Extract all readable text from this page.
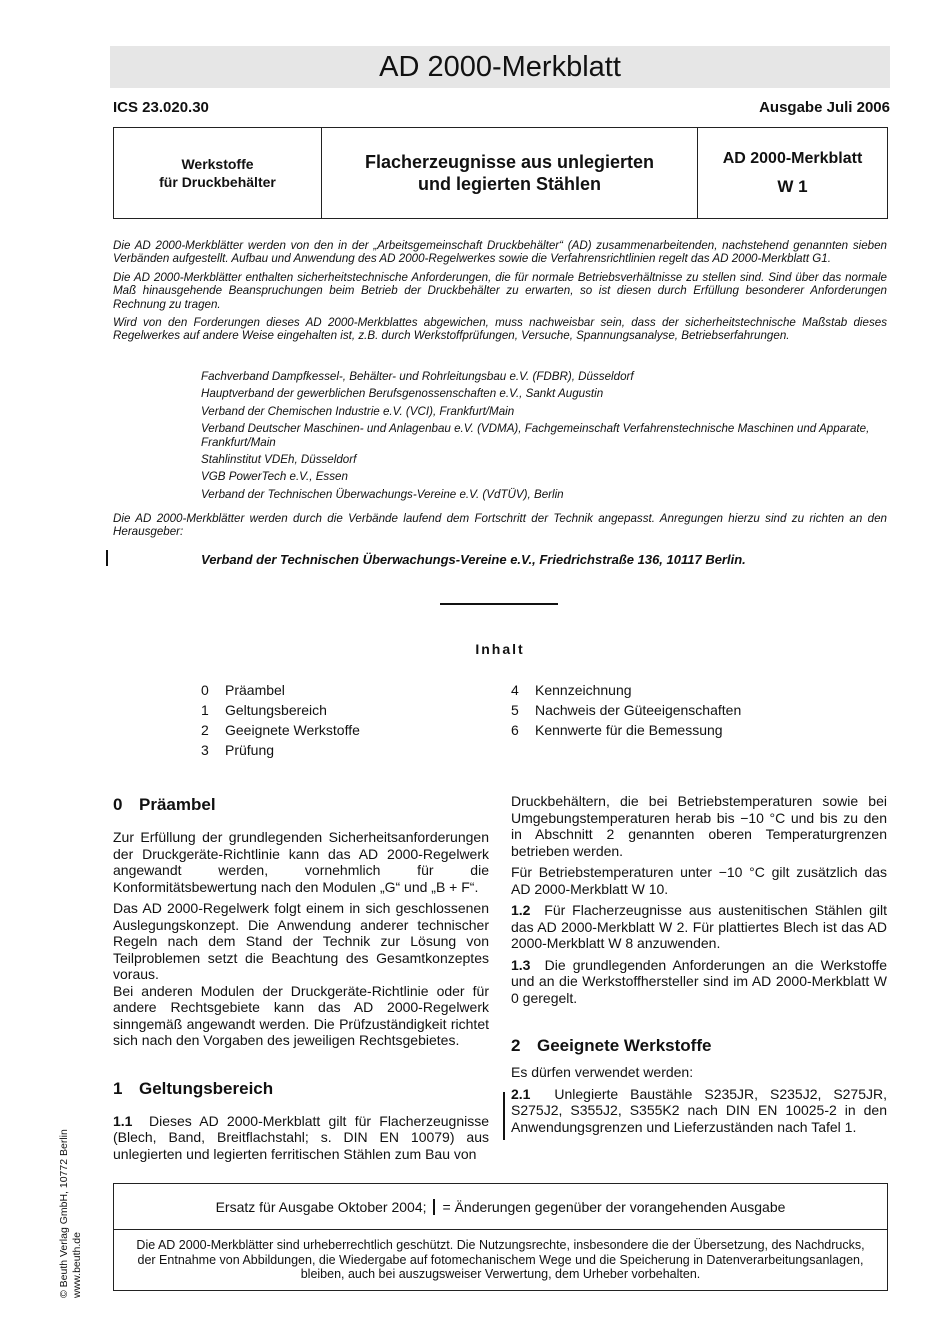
AD 2000-Merkblatt
ICS 23.020.30	Ausgabe Juli 2006
Werkstoffe
für Druckbehälter
Flacherzeugnisse aus unlegierten
und legierten Stählen
AD 2000-Merkblatt
W 1

Die AD 2000-Merkblätter werden von den in der „Arbeitsgemeinschaft Druckbehälter“ (AD) zusammenarbeitenden, nachstehend genannten sieben Verbänden aufgestellt. Aufbau und Anwendung des AD 2000-Regelwerkes sowie die Verfahrensrichtlinien regelt das AD 2000-Merkblatt G1.

Die AD 2000-Merkblätter enthalten sicherheitstechnische Anforderungen, die für normale Betriebsverhältnisse zu stellen sind. Sind über das normale Maß hinausgehende Beanspruchungen beim Betrieb der Druckbehälter zu erwarten, so ist diesen durch Erfüllung besonderer Anforderungen Rechnung zu tragen.

Wird von den Forderungen dieses AD 2000-Merkblattes abgewichen, muss nachweisbar sein, dass der sicherheitstechnische Maßstab dieses Regelwerkes auf andere Weise eingehalten ist, z.B. durch Werkstoffprüfungen, Versuche, Spannungsanalyse, Betriebserfahrungen.

Fachverband Dampfkessel-, Behälter- und Rohrleitungsbau e.V. (FDBR), Düsseldorf
Hauptverband der gewerblichen Berufsgenossenschaften e.V., Sankt Augustin
Verband der Chemischen Industrie e.V. (VCI), Frankfurt/Main
Verband Deutscher Maschinen- und Anlagenbau e.V. (VDMA), Fachgemeinschaft Verfahrenstechnische Maschinen und Apparate, Frankfurt/Main
Stahlinstitut VDEh, Düsseldorf
VGB PowerTech e.V., Essen
Verband der Technischen Überwachungs-Vereine e.V. (VdTÜV), Berlin
Die AD 2000-Merkblätter werden durch die Verbände laufend dem Fortschritt der Technik angepasst. Anregungen hierzu sind zu richten an den Herausgeber:
Verband der Technischen Überwachungs-Vereine e.V., Friedrichstraße 136, 10117 Berlin.
Inhalt
0 Präambel
1 Geltungsbereich
2 Geeignete Werkstoffe
3 Prüfung
4 Kennzeichnung
5 Nachweis der Güteeigenschaften
6 Kennwerte für die Bemessung
0 Präambel

Zur Erfüllung der grundlegenden Sicherheitsanforderungen der Druckgeräte-Richtlinie kann das AD 2000-Regelwerk angewandt werden, vornehmlich für die Konformitätsbewertung nach den Modulen „G“ und „B + F“.

Das AD 2000-Regelwerk folgt einem in sich geschlossenen Auslegungskonzept. Die Anwendung anderer technischer Regeln nach dem Stand der Technik zur Lösung von Teilproblemen setzt die Beachtung des Gesamtkonzeptes voraus.

Bei anderen Modulen der Druckgeräte-Richtlinie oder für andere Rechtsgebiete kann das AD 2000-Regelwerk sinngemäß angewandt werden. Die Prüfzuständigkeit richtet sich nach den Vorgaben des jeweiligen Rechtsgebietes.

1 Geltungsbereich

1.1 Dieses AD 2000-Merkblatt gilt für Flacherzeugnisse (Blech, Band, Breitflachstahl; s. DIN EN 10079) aus unlegierten und legierten ferritischen Stählen zum Bau von

Druckbehältern, die bei Betriebstemperaturen sowie bei Umgebungstemperaturen herab bis −10 °C und bis zu den in Abschnitt 2 genannten oberen Temperaturgrenzen betrieben werden.

Für Betriebstemperaturen unter −10 °C gilt zusätzlich das AD 2000-Merkblatt W 10.

1.2 Für Flacherzeugnisse aus austenitischen Stählen gilt das AD 2000-Merkblatt W 2. Für plattiertes Blech ist das AD 2000-Merkblatt W 8 anzuwenden.

1.3 Die grundlegenden Anforderungen an die Werkstoffe und an die Werkstoffhersteller sind im AD 2000-Merkblatt W 0 geregelt.

2 Geeignete Werkstoffe

Es dürfen verwendet werden:

2.1 Unlegierte Baustähle S235JR, S235J2, S275JR, S275J2, S355J2, S355K2 nach DIN EN 10025-2 in den Anwendungsgrenzen und Lieferzuständen nach Tafel 1.

© Beuth Verlag GmbH, 10772 Berlin www.beuth.de
Ersatz für Ausgabe Oktober 2004; = Änderungen gegenüber der vorangehenden Ausgabe
Die AD 2000-Merkblätter sind urheberrechtlich geschützt. Die Nutzungsrechte, insbesondere die der Übersetzung, des Nachdrucks, der Entnahme von Abbildungen, die Wiedergabe auf fotomechanischem Wege und die Speicherung in Datenverarbeitungsanlagen, bleiben, auch bei auszugsweiser Verwertung, dem Urheber vorbehalten.
